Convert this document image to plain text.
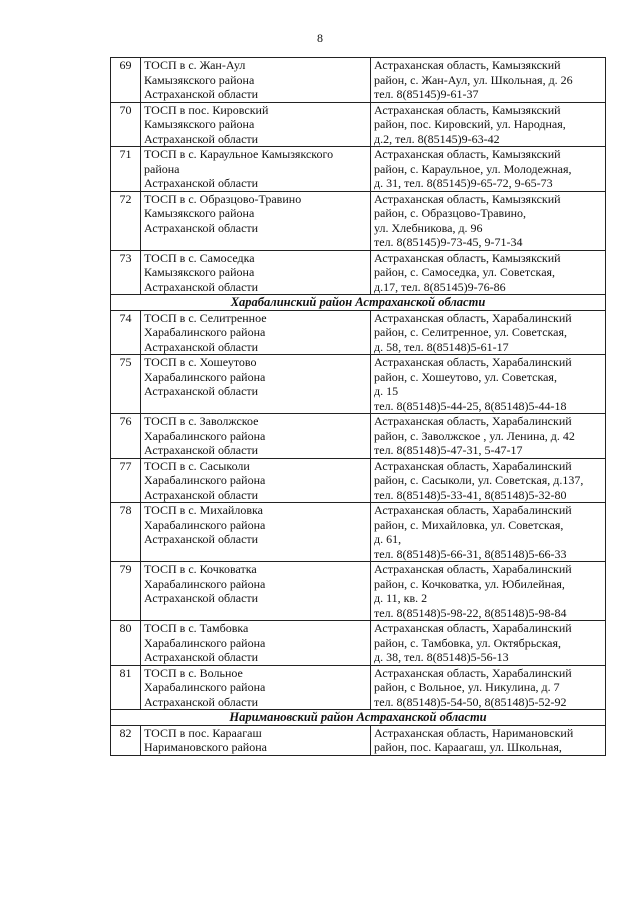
8
69	ТОСП в с. Жан-Аул
Камызякского района
Астраханской области	Астраханская область, Камызякский
район, с. Жан-Аул, ул. Школьная, д. 26
тел. 8(85145)9-61-37

70	ТОСП в пос. Кировский
Камызякского района
Астраханской области	Астраханская область, Камызякский
район, пос. Кировский, ул. Народная,
д.2, тел. 8(85145)9-63-42

71	ТОСП в с. Караульное Камызякского
района
Астраханской области	Астраханская область, Камызякский
район, с. Караульное, ул. Молодежная,
д. 31, тел. 8(85145)9-65-72, 9-65-73

72	ТОСП в с. Образцово-Травино
Камызякского района
Астраханской области	Астраханская область, Камызякский
район, с. Образцово-Травино,
ул. Хлебникова, д. 96
тел. 8(85145)9-73-45, 9-71-34

73	ТОСП в с. Самоседка
Камызякского района
Астраханской области	Астраханская область, Камызякский
район, с. Самоседка, ул. Советская,
д.17, тел. 8(85145)9-76-86

Харабалинский район Астраханской области		
74	ТОСП в с. Селитренное
Харабалинского района
Астраханской области	Астраханская область, Харабалинский
район, с. Селитренное, ул. Советская,
д. 58, тел. 8(85148)5-61-17

75	ТОСП в с. Хошеутово
Харабалинского района
Астраханской области	Астраханская область, Харабалинский
район, с. Хошеутово, ул. Советская,
д. 15
тел. 8(85148)5-44-25, 8(85148)5-44-18

76	ТОСП в с. Заволжское
Харабалинского района
Астраханской области	Астраханская область, Харабалинский
район, с. Заволжское , ул. Ленина, д. 42
тел. 8(85148)5-47-31, 5-47-17

77	ТОСП в с. Сасыколи
Харабалинского района
Астраханской области	Астраханская область, Харабалинский
район, с. Сасыколи, ул. Советская, д.137,
тел. 8(85148)5-33-41, 8(85148)5-32-80

78	ТОСП в с. Михайловка
Харабалинского района
Астраханской области	Астраханская область, Харабалинский
район, с. Михайловка, ул. Советская,
д. 61,
тел. 8(85148)5-66-31, 8(85148)5-66-33

79	ТОСП в с. Кочковатка
Харабалинского района
Астраханской области	Астраханская область, Харабалинский
район, с. Кочковатка, ул. Юбилейная,
д. 11, кв. 2
тел. 8(85148)5-98-22, 8(85148)5-98-84

80	ТОСП в с. Тамбовка
Харабалинского района
Астраханской области	Астраханская область, Харабалинский
район, с. Тамбовка, ул. Октябрьская,
д. 38, тел. 8(85148)5-56-13

81	ТОСП в с. Вольное
Харабалинского района
Астраханской области	Астраханская область, Харабалинский
район, с Вольное, ул. Никулина, д. 7
тел. 8(85148)5-54-50, 8(85148)5-52-92

Наримановский район Астраханской области		
82	ТОСП в пос. Караагаш
Наримановского района	Астраханская область, Наримановский
район, пос. Караагаш, ул. Школьная,
